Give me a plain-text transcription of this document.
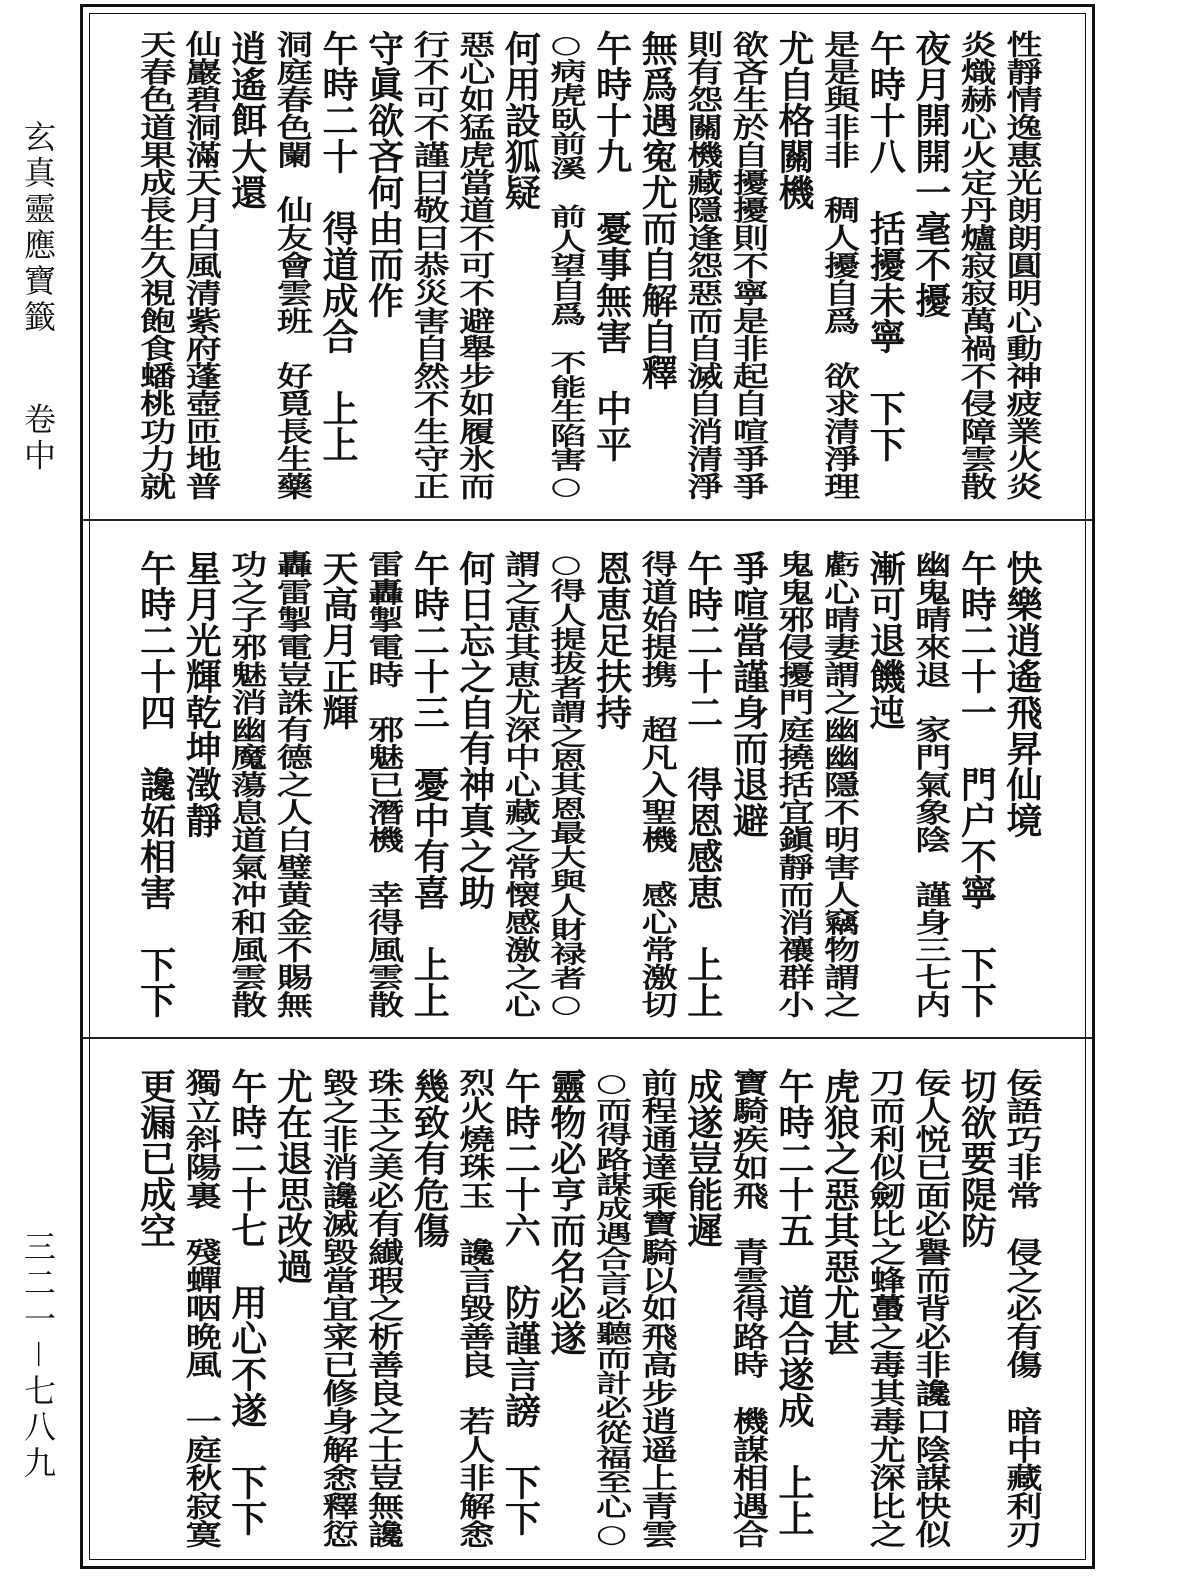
玄真靈應寶籤  卷中
三二一－七八九
性靜情逸惠光朗朗圓明心動神疲業火炎
炎熾赫心火定丹爐寂寂萬禍不侵障雲散
夜月開開一毫不擾
午時十八　括擾未寧　下下
是是與非非　稠人擾自爲　欲求清淨理
尤自格關機
欲吝生於自擾擾則不寧是非起自喧爭爭
則有怨關機藏隱逢怨惡而自滅自消清淨
無爲遇寃尤而自解自釋
午時十九　憂事無害　中平
○病虎臥前溪　前人望自爲　不能生陷害○
何用設狐疑
惡心如猛虎當道不可不避舉步如履氷而
行不可不謹曰敬曰恭災害自然不生守正
守眞欲吝何由而作
午時二十　得道成合　上上
洞庭春色闌　仙友會雲班　好覓長生藥
逍遙餌大還
仙巖碧洞滿天月白風清紫府蓬壺匝地普
天春色道果成長生久視飽食蟠桃功力就
快樂逍遙飛昇仙境
午時二十一　門户不寧　下下
幽鬼晴來退　家門氣象陰　謹身三七内
漸可退饑迍
虧心晴妻謂之幽幽隱不明害人竊物謂之
鬼鬼邪侵擾門庭撓括宜鎭靜而消禳群小
爭喧當謹身而退避
午時二十二　得恩感恵　上上
得道始提携　超凡入聖機　感心常激切
恩恵足扶持
○得人提拔者謂之恩其恩最大與人財禄者○
謂之恵其恵尤深中心藏之常懐感激之心
何日忘之自有神真之助
午時二十三　憂中有喜　上上
雷轟掣電時　邪魅已潛機　幸得風雲散
天高月正輝
轟雷掣電豈誅有德之人白璧黄金不賜無
功之子邪魅消幽魔蕩息道氣冲和風雲散
星月光輝乾坤澂靜
午時二十四　讒妬相害　下下
佞語巧非常　侵之必有傷　暗中藏利刃
切欲要隄防
佞人悦已面必譽而背必非讒口陰謀快似
刀而利似劒比之蜂蠆之毒其毒尤深比之
虎狼之惡其惡尤甚
午時二十五　道合遂成　上上
寶騎疾如飛　青雲得路時　機謀相遇合
成遂豈能遲
前程通達乘寶騎以如飛高步逍遥上青雲
○而得路謀成遇合言必聽而計必從福至心○
靈物必亨而名必遂
午時二十六　防謹言謗　下下
烈火燒珠玉　讒言毀善良　若人非解悆
幾致有危傷
珠玉之美必有纎瑕之析善良之士豈無讒
毀之非消讒滅毀當宜寀已修身解悆釋愆
尤在退思改過
午時二十七　用心不遂　下下
獨立斜陽裏　殘蟬咽晩風　一庭秋寂寞
更漏已成空
